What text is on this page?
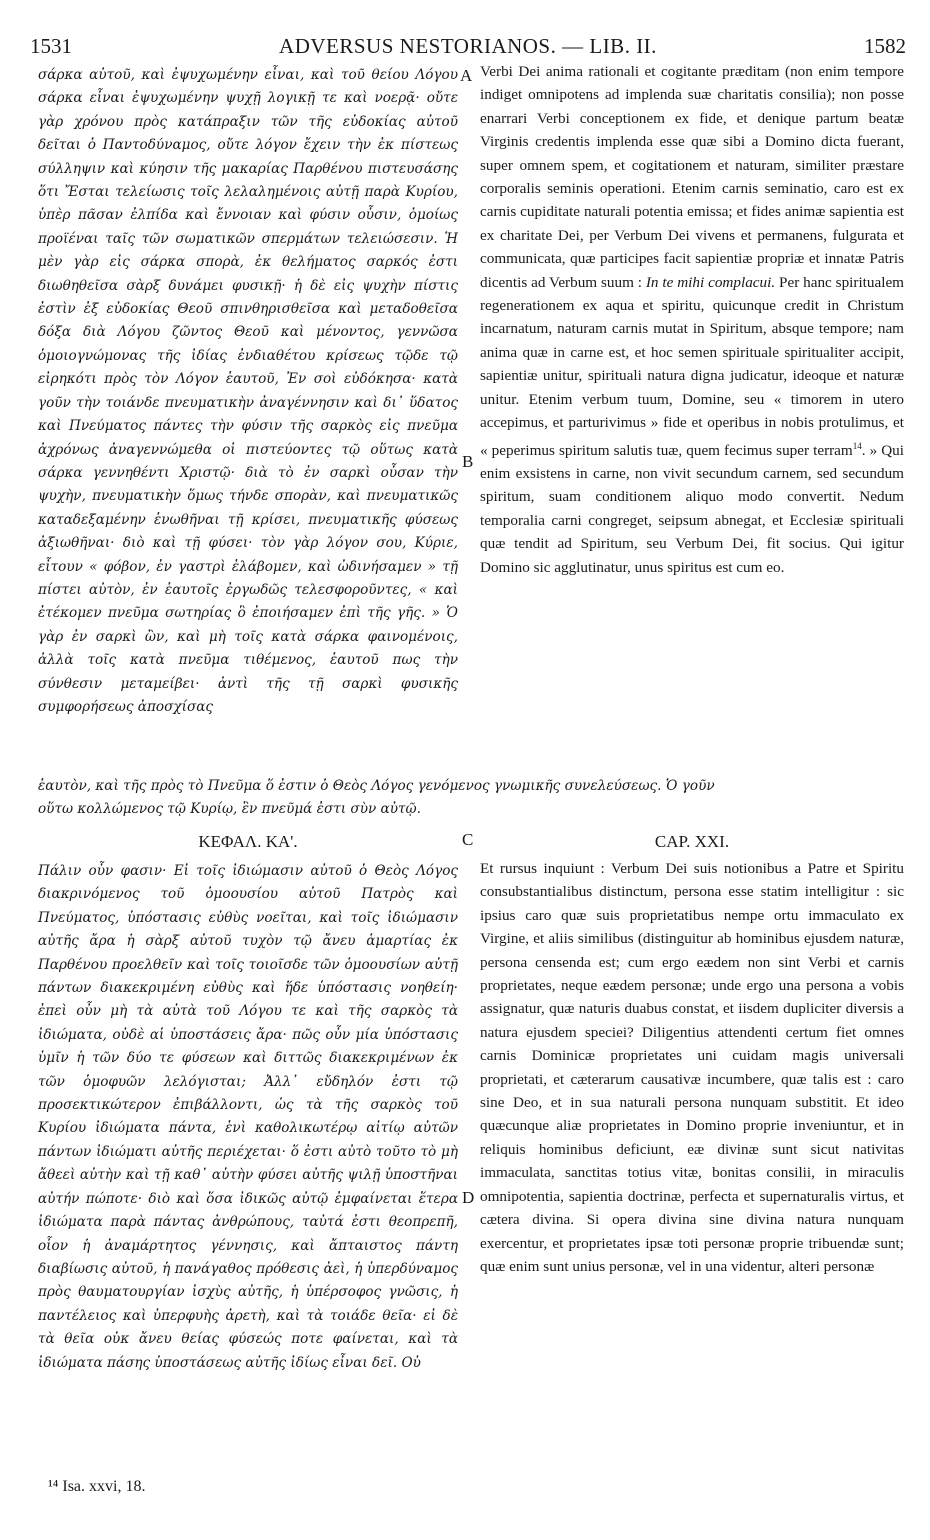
1531	ADVERSUS NESTORIANOS. — LIB. II.	1582

σάρκα αὐτοῦ, καὶ ἐψυχωμένην εἶναι, καὶ τοῦ θείου Λόγου σάρκα εἶναι ἐψυχωμένην ψυχῇ λογικῇ τε καὶ νοερᾷ· οὔτε γὰρ χρόνου πρὸς κατάπραξιν τῶν τῆς εὐδοκίας αὐτοῦ δεῖται ὁ Παντοδύναμος, οὔτε λόγον ἔχειν τὴν ἐκ πίστεως σύλληψιν καὶ κύησιν τῆς μακαρίας Παρθένου πιστευσάσης ὅτι Ἔσται τελείωσις τοῖς λελαλημένοις αὐτῇ παρὰ Κυρίου, ὑπὲρ πᾶσαν ἐλπίδα καὶ ἔννοιαν καὶ φύσιν οὖσιν, ὁμοίως προϊέναι ταῖς τῶν σωματικῶν σπερμάτων τελειώσεσιν. Ἡ μὲν γὰρ εἰς σάρκα σπορὰ, ἐκ θελήματος σαρκός ἐστι διωθηθεῖσα σὰρξ δυνάμει φυσικῇ· ἡ δὲ εἰς ψυχὴν πίστις ἐστὶν ἐξ εὐδοκίας Θεοῦ σπινθηρισθεῖσα καὶ μεταδοθεῖσα δόξα διὰ Λόγου ζῶντος Θεοῦ καὶ μένοντος, γεννῶσα ὁμοιογνώμονας τῆς ἰδίας ἐνδιαθέτου κρίσεως τῷδε τῷ εἰρηκότι πρὸς τὸν Λόγον ἑαυτοῦ, Ἐν σοὶ εὐδόκησα· κατὰ γοῦν τὴν τοιάνδε πνευματικὴν ἀναγέννησιν καὶ δι᾽ ὕδατος καὶ Πνεύματος πάντες τὴν φύσιν τῆς σαρκὸς εἰς πνεῦμα ἀχρόνως ἀναγεννώμεθα οἱ πιστεύοντες τῷ οὕτως κατὰ σάρκα γεννηθέντι Χριστῷ· διὰ τὸ ἐν σαρκὶ οὖσαν τὴν ψυχὴν, πνευματικὴν ὅμως τήνδε σπορὰν, καὶ πνευματικῶς καταδεξαμένην ἑνωθῆναι τῇ κρίσει, πνευματικῆς φύσεως ἀξιωθῆναι· διὸ καὶ τῇ φύσει· τὸν γὰρ λόγον σου, Κύριε, εἶτουν « φόβον, ἐν γαστρὶ ἐλάβομεν, καὶ ὠδινήσαμεν » τῇ πίστει αὐτὸν, ἐν ἑαυτοῖς ἐργωδῶς τελεσφοροῦντες, « καὶ ἐτέκομεν πνεῦμα σωτηρίας ὃ ἐποιήσαμεν ἐπὶ τῆς γῆς. » Ὁ γὰρ ἐν σαρκὶ ὢν, καὶ μὴ τοῖς κατὰ σάρκα φαινομένοις, ἀλλὰ τοῖς κατὰ πνεῦμα τιθέμενος, ἑαυτοῦ πως τὴν σύνθεσιν μεταμείβει· ἀντὶ τῆς τῇ σαρκὶ φυσικῆς συμφορήσεως ἀποσχίσας

Verbi Dei anima rationali et cogitante præditam (non enim tempore indiget omnipotens ad implenda suæ charitatis consilia); non posse enarrari Verbi conceptionem ex fide, et denique partum beatæ Virginis credentis implenda esse quæ sibi a Domino dicta fuerant, super omnem spem, et cogitationem et naturam, similiter præstare corporalis seminis operationi. Etenim carnis seminatio, caro est ex carnis cupiditate naturali potentia emissa; et fides animæ sapientia est ex charitate Dei, per Verbum Dei vivens et permanens, fulgurata et communicata, quæ participes facit sapientiæ propriæ et innatæ Patris dicentis ad Verbum suum : In te mihi complacui. Per hanc spiritualem regenerationem ex aqua et spiritu, quicunque credit in Christum incarnatum, naturam carnis mutat in Spiritum, absque tempore; nam anima quæ in carne est, et hoc semen spirituale spiritualiter accipit, sapientiæ unitur, spirituali natura digna judicatur, ideoque et naturæ unitur. Etenim verbum tuum, Domine, seu « timorem in utero accepimus, et parturivimus » fide et operibus in nobis protulimus, et « peperimus spiritum salutis tuæ, quem fecimus super terram$^{14}$. » Qui enim exsistens in carne, non vivit secundum carnem, sed secundum spiritum, suam conditionem aliquo modo convertit. Nedum temporalia carni congreget, seipsum abnegat, et Ecclesiæ spirituali quæ tendit ad Spiritum, seu Verbum Dei, fit socius. Qui igitur Domino sic agglutinatur, unus spiritus est cum eo.

ἑαυτὸν, καὶ τῆς πρὸς τὸ Πνεῦμα ὅ ἐστιν ὁ Θεὸς Λόγος γενόμενος γνωμικῆς συνελεύσεως. Ὁ γοῦν
οὕτω κολλώμενος τῷ Κυρίῳ, ἓν πνεῦμά ἐστι σὺν αὐτῷ.
ΚΕΦΑΛ. ΚΑ'.	CAP. XXI.

Πάλιν οὖν φασιν· Εἰ τοῖς ἰδιώμασιν αὐτοῦ ὁ Θεὸς Λόγος διακρινόμενος τοῦ ὁμοουσίου αὐτοῦ Πατρὸς καὶ Πνεύματος, ὑπόστασις εὐθὺς νοεῖται, καὶ τοῖς ἰδιώμασιν αὐτῆς ἄρα ἡ σὰρξ αὐτοῦ τυχὸν τῷ ἄνευ ἁμαρτίας ἐκ Παρθένου προελθεῖν καὶ τοῖς τοιοῖσδε τῶν ὁμοουσίων αὐτῇ πάντων διακεκριμένη εὐθὺς καὶ ἥδε ὑπόστασις νοηθείη· ἐπεὶ οὖν μὴ τὰ αὐτὰ τοῦ Λόγου τε καὶ τῆς σαρκὸς τὰ ἰδιώματα, οὐδὲ αἱ ὑποστάσεις ἄρα· πῶς οὖν μία ὑπόστασις ὑμῖν ἡ τῶν δύο τε φύσεων καὶ διττῶς διακεκριμένων ἐκ τῶν ὁμοφυῶν λελόγισται; Ἀλλ᾽ εὔδηλόν ἐστι τῷ προσεκτικώτερον ἐπιβάλλοντι, ὡς τὰ τῆς σαρκὸς τοῦ Κυρίου ἰδιώματα πάντα, ἑνὶ καθολικωτέρῳ αἰτίῳ αὐτῶν πάντων ἰδιώματι αὐτῆς περιέχεται· ὅ ἐστι αὐτὸ τοῦτο τὸ μὴ ἄθεεὶ αὐτὴν καὶ τῇ καθ᾽ αὑτὴν φύσει αὐτῆς ψιλῇ ὑποστῆναι αὐτήν πώποτε· διὸ καὶ ὅσα ἰδικῶς αὐτῷ ἐμφαίνεται ἕτερα ἰδιώματα παρὰ πάντας ἀνθρώπους, ταὐτά ἐστι θεοπρεπῆ, οἷον ἡ ἀναμάρτητος γέννησις, καὶ ἄπταιστος πάντη διαβίωσις αὐτοῦ, ἡ πανάγαθος πρόθεσις ἀεὶ, ἡ ὑπερδύναμος πρὸς θαυματουργίαν ἰσχὺς αὐτῆς, ἡ ὑπέρσοφος γνῶσις, ἡ παντέλειος καὶ ὑπερφυὴς ἀρετὴ, καὶ τὰ τοιάδε θεῖα· εἰ δὲ τὰ θεῖα οὐκ ἄνευ θείας φύσεώς ποτε φαίνεται, καὶ τὰ ἰδιώματα πάσης ὑποστάσεως αὐτῆς ἰδίως εἶναι δεῖ. Οὐ

Et rursus inquiunt : Verbum Dei suis notionibus a Patre et Spiritu consubstantialibus distinctum, persona esse statim intelligitur : sic ipsius caro quæ suis proprietatibus nempe ortu immaculato ex Virgine, et aliis similibus (distinguitur ab hominibus ejusdem naturæ, persona censenda est; cum ergo eædem non sint Verbi et carnis proprietates, neque eædem personæ; unde ergo una persona a vobis assignatur, quæ naturis duabus constat, et iisdem dupliciter diversis a natura ejusdem speciei? Diligentius attendenti certum fiet omnes carnis Dominicæ proprietates uni cuidam magis universali proprietati, et cæterarum causativæ incumbere, quæ talis est : caro sine Deo, et in sua naturali persona nunquam substitit. Et ideo quæcunque aliæ proprietates in Domino proprie inveniuntur, et in reliquis hominibus deficiunt, eæ divinæ sunt sicut nativitas immaculata, sanctitas totius vitæ, bonitas consilii, in miraculis omnipotentia, sapientia doctrinæ, perfecta et supernaturalis virtus, et cætera divina. Si opera divina sine divina natura nunquam exercentur, et proprietates ipsæ toti personæ proprie tribuendæ sunt; quæ enim sunt unius personæ, vel in una videntur, alteri personæ

A
B
C
D
¹⁴ Isa. xxvi, 18.
